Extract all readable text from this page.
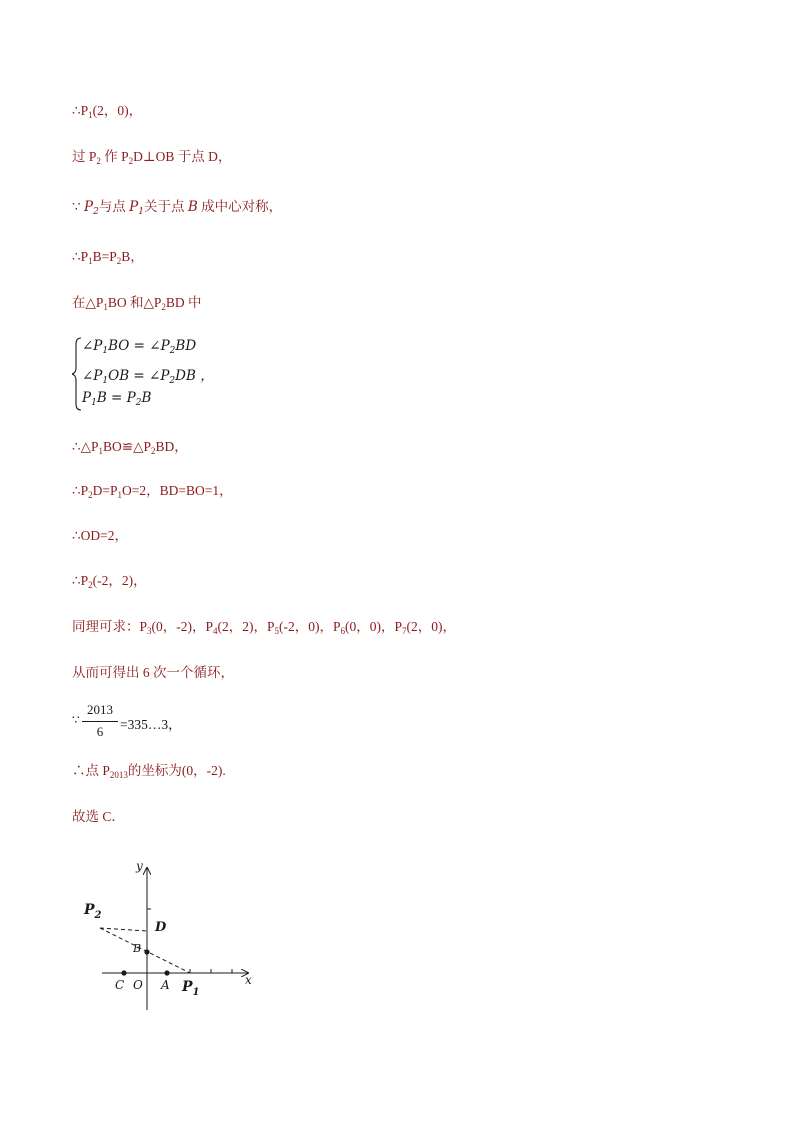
$\therefore P_1(2$，0)，
过 $P_2$ 作 $P_2D\perp OB$ 于点 D，
∵ $P_2$与点 $P_1$关于点 B 成中心对称，
$\therefore P_1B=P_2B$，
在$\triangle P_1BO$ 和$\triangle P_2BD$ 中
$\angle P_1BO$ = $\angle P_2BD$
$\angle P_1OB$ = $\angle P_2DB$ ，
$P_1B = P_2B$
$\therefore\triangle P_1BO≌\triangle P_2BD$，
$\therefore P_2D=P_1O=2$，BD=BO=1，
∴OD=2，
$\therefore P_2(-2$，2)，
同理可求：$P_3(0$，-2)，$P_4(2$，2)，$P_5(-2$，0)，$P_6(0$，0)，$P_7(2$，0)，
从而可得出 6 次一个循环，
∵
2013
6	=335…3，
∴点 $P_{2013}$的坐标为(0，-2).
故选 C．
y
x
$P_2$
D
B
C O A $P_1$
